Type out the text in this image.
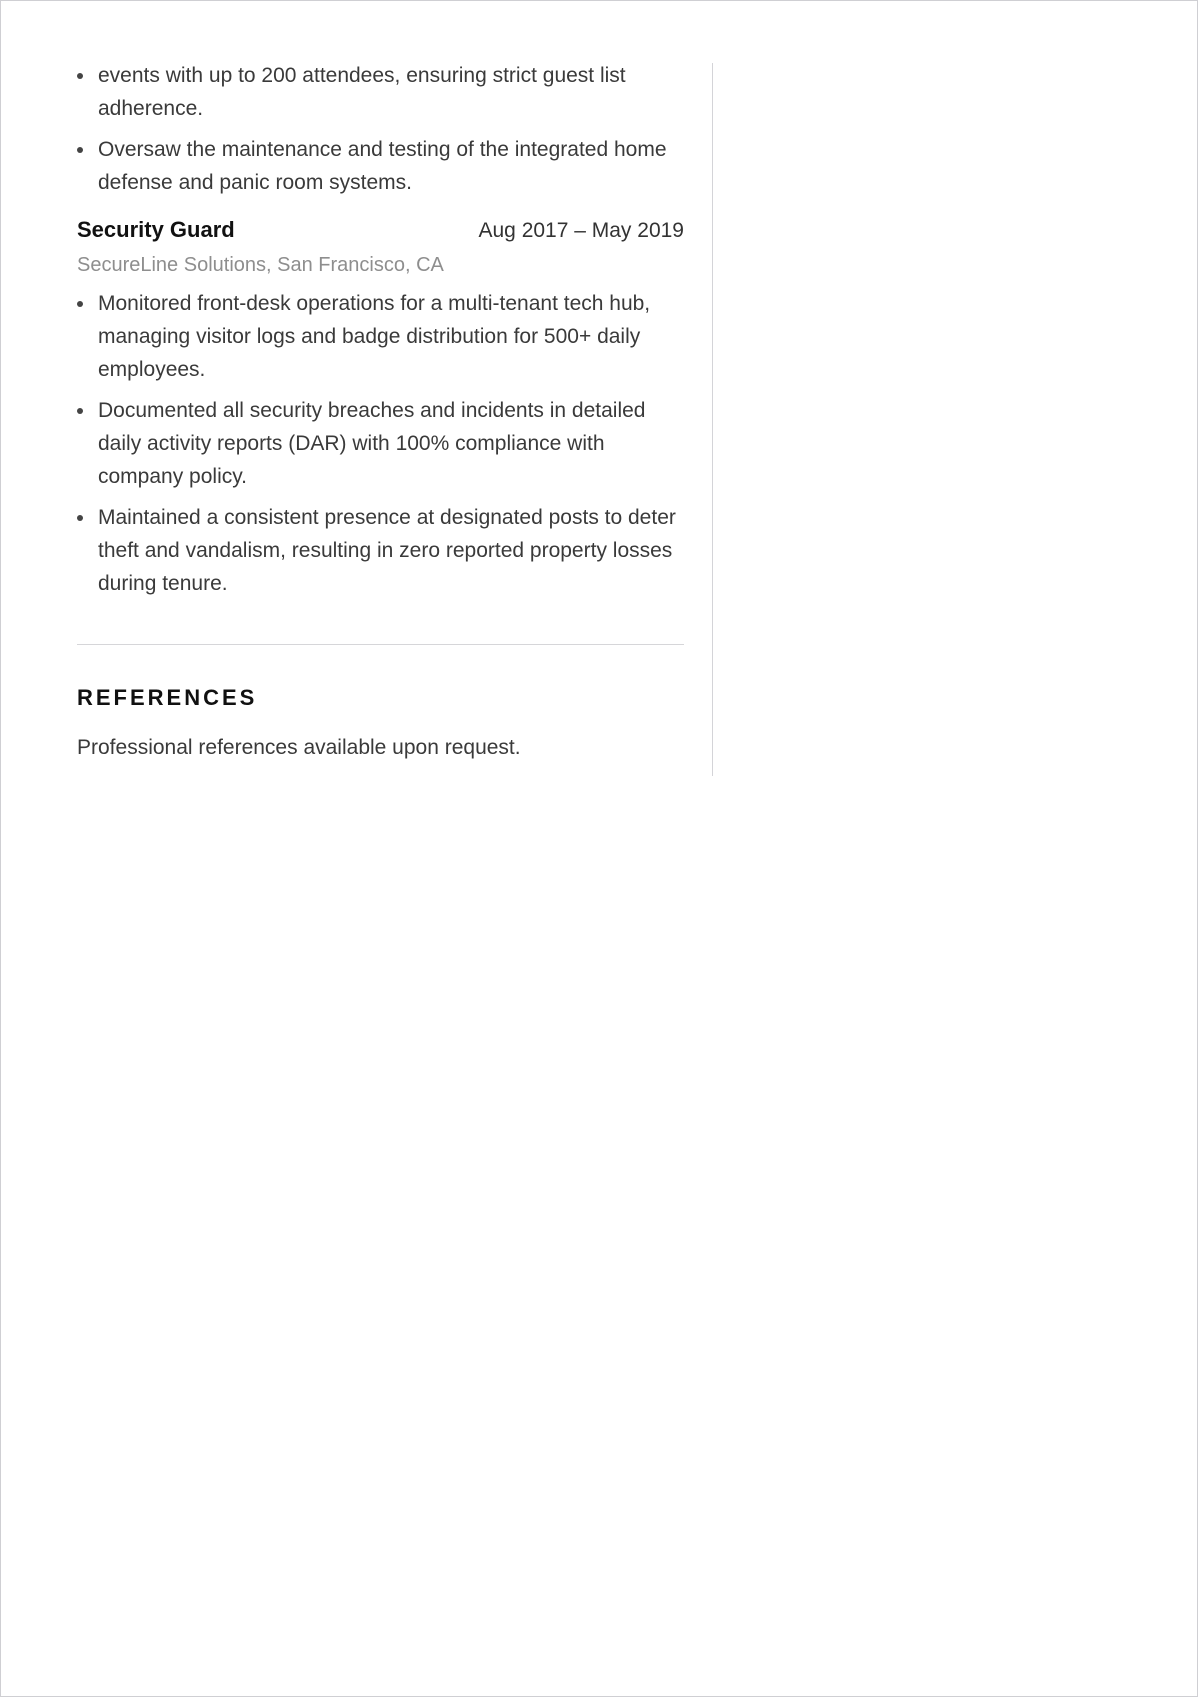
events with up to 200 attendees, ensuring strict guest list adherence.
Oversaw the maintenance and testing of the integrated home defense and panic room systems.
Security Guard	Aug 2017 – May 2019
SecureLine Solutions, San Francisco, CA
Monitored front-desk operations for a multi-tenant tech hub, managing visitor logs and badge distribution for 500+ daily employees.
Documented all security breaches and incidents in detailed daily activity reports (DAR) with 100% compliance with company policy.
Maintained a consistent presence at designated posts to deter theft and vandalism, resulting in zero reported property losses during tenure.
REFERENCES
Professional references available upon request.
